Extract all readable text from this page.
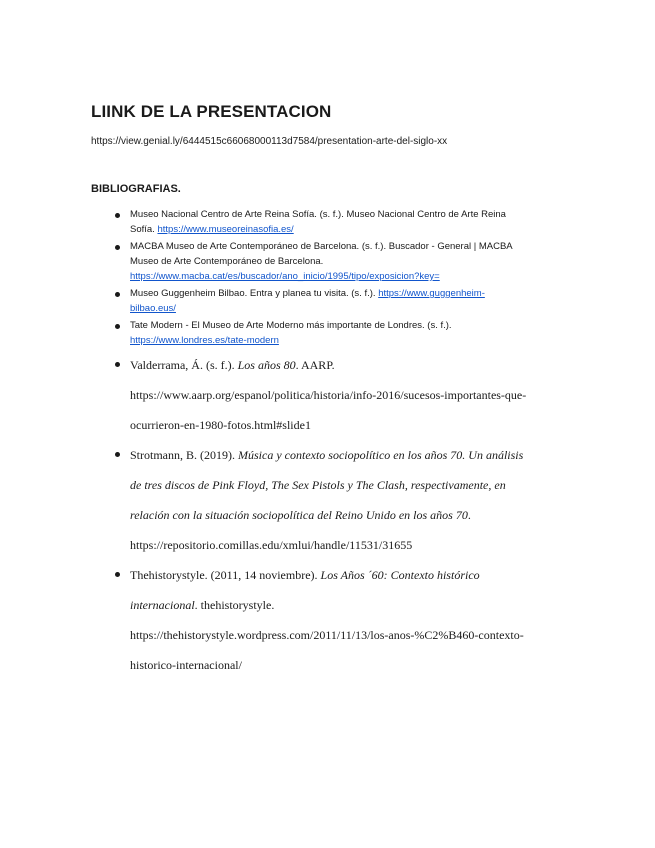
LIINK DE LA PRESENTACION
https://view.genial.ly/6444515c66068000113d7584/presentation-arte-del-siglo-xx
BIBLIOGRAFIAS.
Museo Nacional Centro de Arte Reina Sofía. (s. f.). Museo Nacional Centro de Arte Reina
Sofía. https://www.museoreinasofia.es/
MACBA Museo de Arte Contemporáneo de Barcelona. (s. f.). Buscador - General | MACBA
Museo de Arte Contemporáneo de Barcelona.
https://www.macba.cat/es/buscador/ano_inicio/1995/tipo/exposicion?key=
Museo Guggenheim Bilbao. Entra y planea tu visita. (s. f.). https://www.guggenheim-
bilbao.eus/
Tate Modern - El Museo de Arte Moderno más importante de Londres. (s. f.).
https://www.londres.es/tate-modern
Valderrama, Á. (s. f.). Los años 80. AARP.
https://www.aarp.org/espanol/politica/historia/info-2016/sucesos-importantes-que-
ocurrieron-en-1980-fotos.html#slide1
Strotmann, B. (2019). Música y contexto sociopolítico en los años 70. Un análisis
de tres discos de Pink Floyd, The Sex Pistols y The Clash, respectivamente, en
relación con la situación sociopolítica del Reino Unido en los años 70.
https://repositorio.comillas.edu/xmlui/handle/11531/31655
Thehistorystyle. (2011, 14 noviembre). Los Años ´60: Contexto histórico
internacional. thehistorystyle.
https://thehistorystyle.wordpress.com/2011/11/13/los-anos-%C2%B460-contexto-
historico-internacional/
